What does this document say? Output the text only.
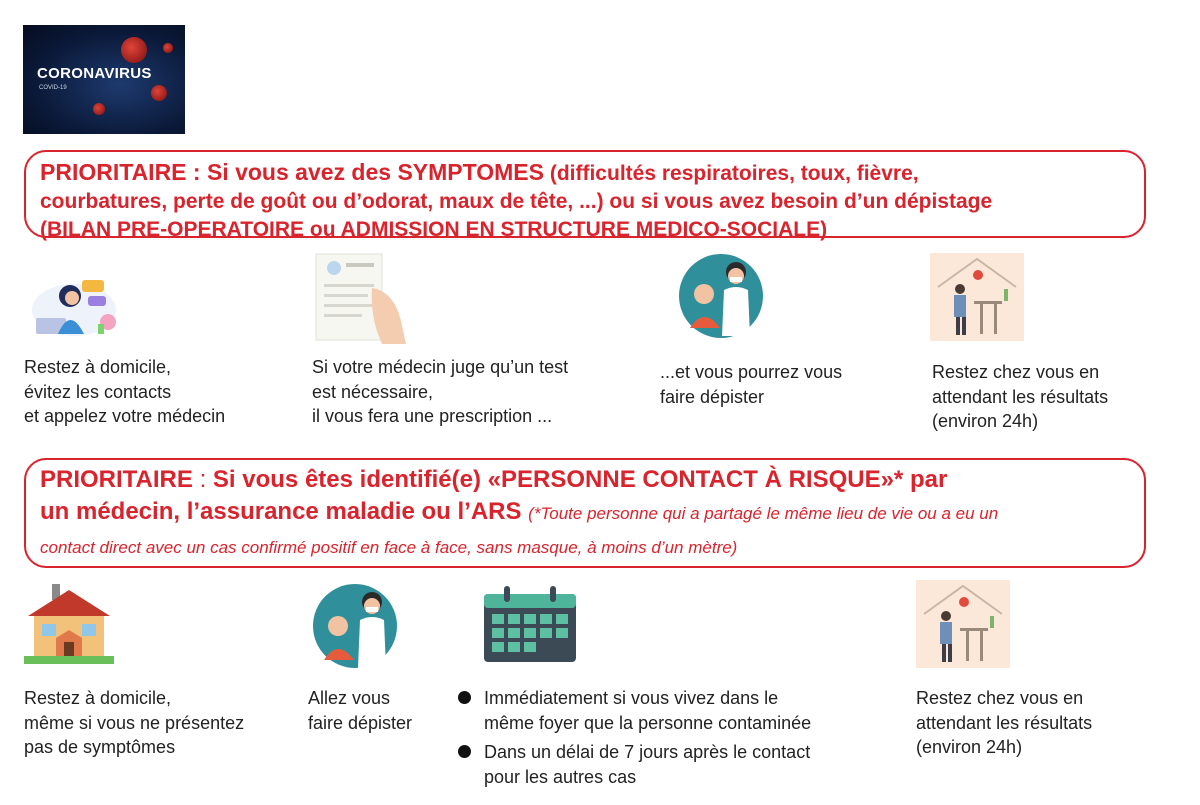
CORONAVIRUS
COVID-19
PRIORITAIRE : Si vous avez des SYMPTOMES (difficultés respiratoires, toux, fièvre,
courbatures, perte de goût ou d’odorat, maux de tête, ...) ou si vous avez besoin d’un dépistage
(BILAN PRE-OPERATOIRE ou ADMISSION EN STRUCTURE MEDICO-SOCIALE)
Restez à domicile,
évitez les contacts
et appelez votre médecin
Si votre médecin juge qu’un test
est nécessaire,
il vous fera une prescription ...
...et vous pourrez vous
faire dépister
Restez chez vous en
attendant les résultats
(environ 24h)
PRIORITAIRE : Si vous êtes identifié(e) «PERSONNE CONTACT À RISQUE»* par
un médecin, l’assurance maladie ou l’ARS (*Toute personne qui a partagé le même lieu de vie ou a eu un
contact direct avec un cas confirmé positif en face à face, sans masque, à moins d’un mètre)
Restez à domicile,
même si vous ne présentez
pas de symptômes
Allez vous
faire dépister
Immédiatement si vous vivez dans le
même foyer que la personne contaminée
Dans un délai de 7 jours après le contact
pour les autres cas
Restez chez vous en
attendant les résultats
(environ 24h)
